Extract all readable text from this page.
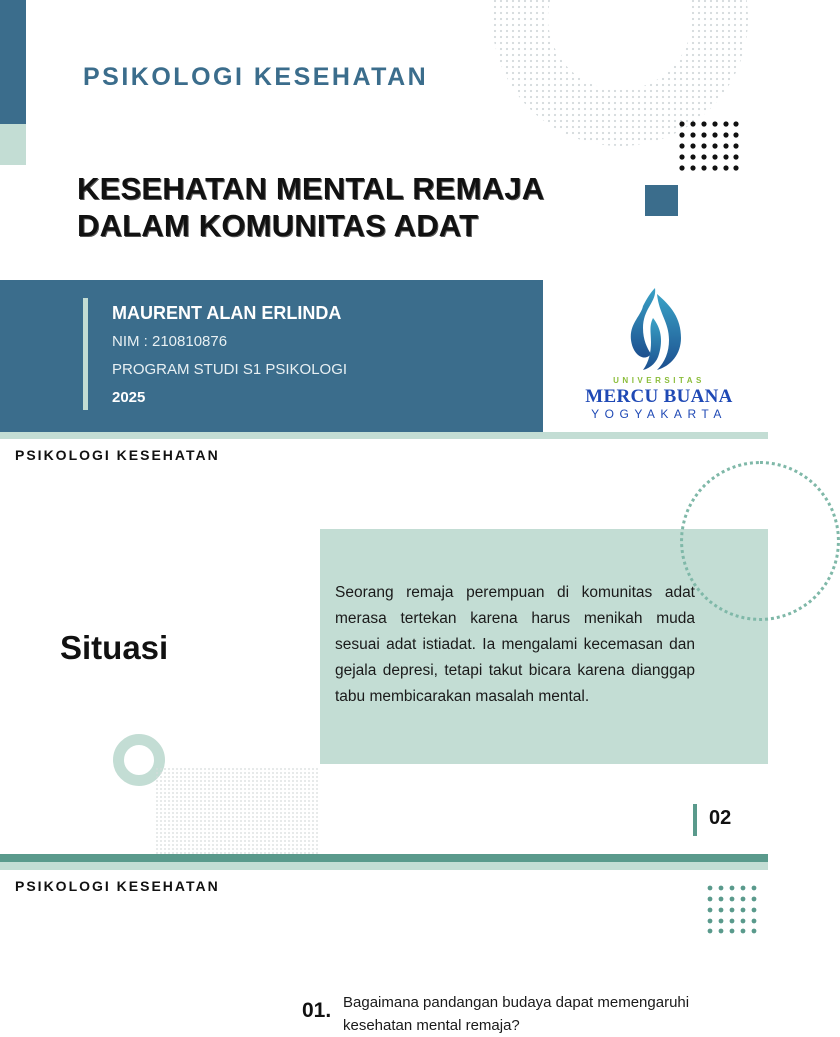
PSIKOLOGI KESEHATAN
KESEHATAN MENTAL REMAJA
DALAM KOMUNITAS ADAT
MAURENT ALAN ERLINDA
NIM : 210810876
PROGRAM STUDI S1 PSIKOLOGI
2025
UNIVERSITAS
MERCU BUANA
YOGYAKARTA
PSIKOLOGI KESEHATAN
Seorang remaja perempuan di komunitas adat merasa tertekan karena harus menikah muda sesuai adat istiadat. Ia mengalami kecemasan dan gejala depresi, tetapi takut bicara karena dianggap tabu membicarakan masalah mental.
Situasi
02
PSIKOLOGI KESEHATAN
01. Bagaimana pandangan budaya dapat memengaruhi kesehatan mental remaja?
